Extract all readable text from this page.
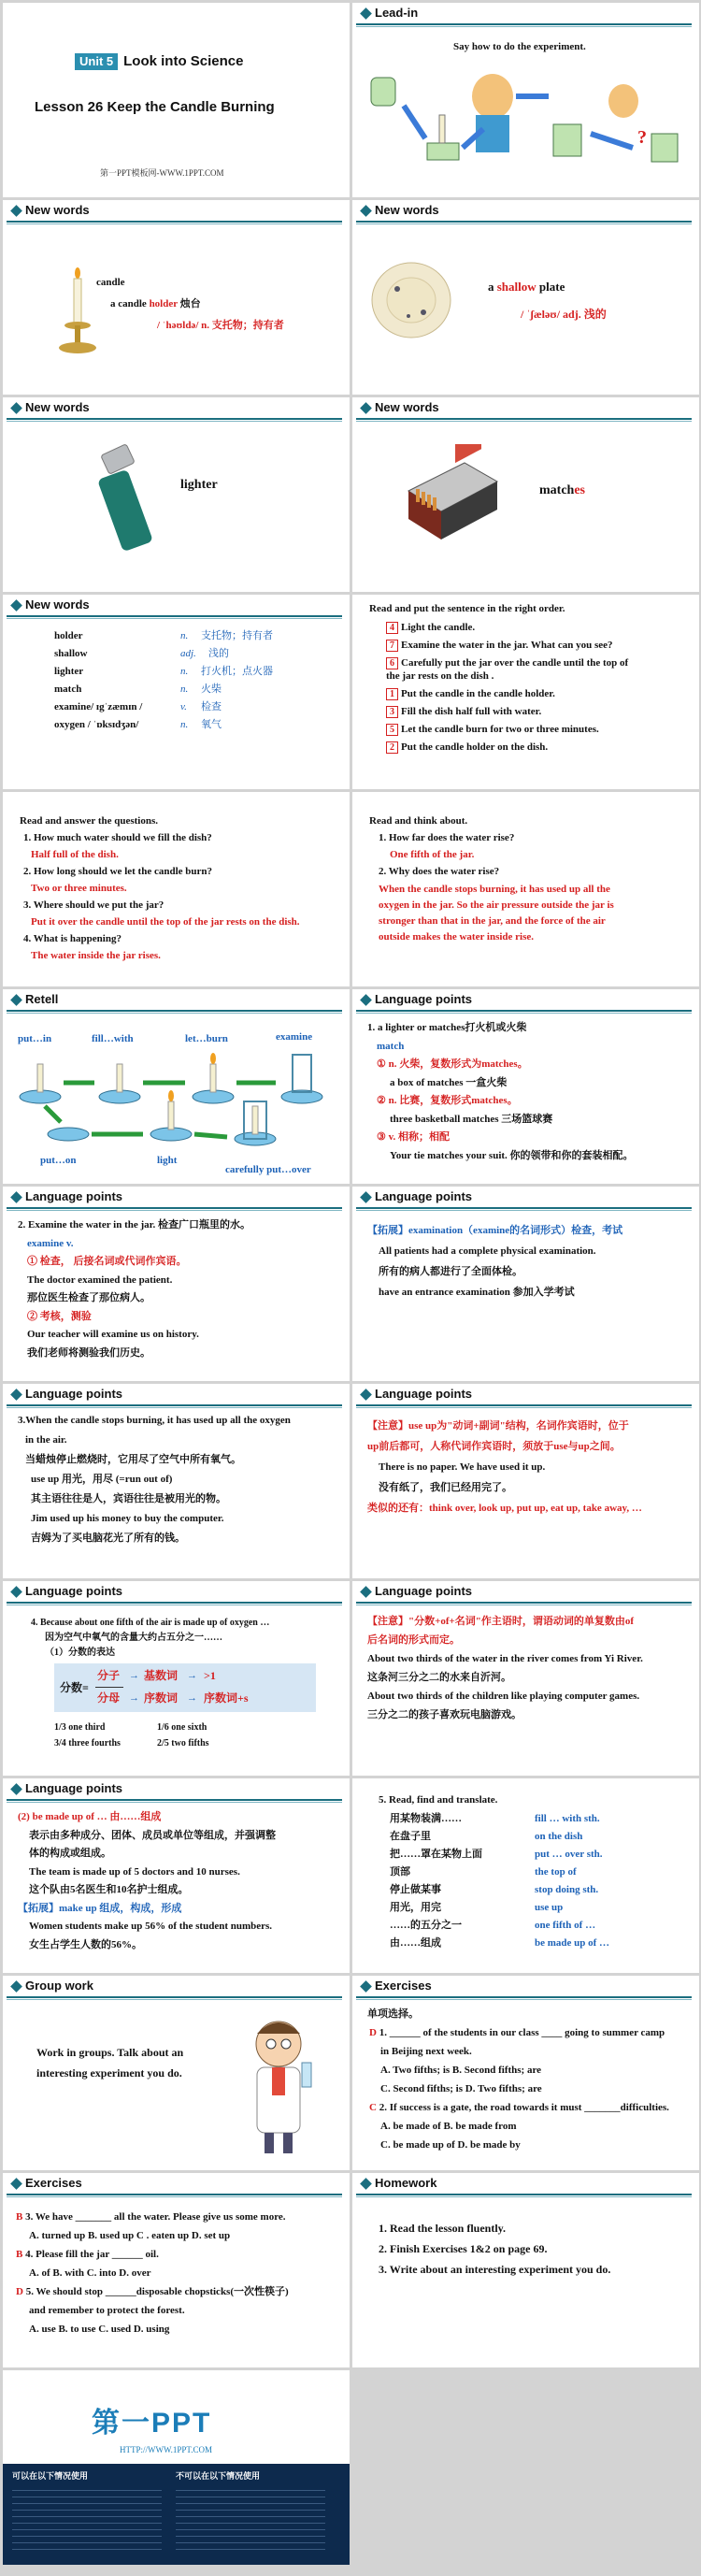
Unit 5 Look into Science
Lesson 26 Keep the Candle Burning
第一PPT模板网-WWW.1PPT.COM
Lead-in
Say how to do the experiment.
?
New words
candle
a candle holder 烛台
/ ˈhəʊldə/ n. 支托物；持有者
New words
a shallow plate
/ ˈʃæləʊ/ adj. 浅的
New words
lighter
New words
matches
New words
holder	n. 支托物；持有者
shallow	adj. 浅的
lighter	n. 打火机；点火器
match	n. 火柴
examine/ ɪgˈzæmɪn /	v. 检查
oxygen / ˈɒksɪdʒən/	n. 氧气
Read and put the sentence in the right order.
4 Light the candle.
7 Examine the water in the jar. What can you see?
6 Carefully put the jar over the candle until the top of
the jar rests on the dish .
1 Put the candle in the candle holder.
3 Fill the dish half full with water.
5 Let the candle burn for two or three minutes.
2 Put the candle holder on the dish.
Read and answer the questions.
1. How much water should we fill the dish?
Half full of the dish.
2. How long should we let the candle burn?
Two or three minutes.
3. Where should we put the jar?
Put it over the candle until the top of the jar rests on the dish.
4. What is happening?
The water inside the jar rises.
Read and think about.
1. How far does the water rise?
One fifth of the jar.
2. Why does the water rise?
When the candle stops burning, it has used up all the
oxygen in the jar. So the air pressure outside the jar is
stronger than that in the jar, and the force of the air
outside makes the water inside rise.
Retell
put…in	fill…with	let…burn	examine
put…on	light
carefully put…over
Language points
1. a lighter or matches打火机或火柴
match
① n. 火柴，复数形式为matches。
a box of matches 一盒火柴
② n. 比赛，复数形式matches。
three basketball matches 三场篮球赛
③ v. 相称；相配
Your tie matches your suit. 你的领带和你的套装相配。
Language points
2. Examine the water in the jar. 检查广口瓶里的水。
examine v.
① 检查， 后接名词或代词作宾语。
The doctor examined the patient.
那位医生检查了那位病人。
② 考核，测验
Our teacher will examine us on history.
我们老师将测验我们历史。
Language points
【拓展】examination（examine的名词形式）检查，考试
All patients had a complete physical examination.
所有的病人都进行了全面体检。
have an entrance examination 参加入学考试
Language points
3.When the candle stops burning, it has used up all the oxygen
in the air.
当蜡烛停止燃烧时，它用尽了空气中所有氧气。
use up 用光，用尽 (=run out of)
其主语往往是人，宾语往往是被用光的物。
Jim used up his money to buy the computer.
吉姆为了买电脑花光了所有的钱。
Language points
【注意】use up为"动词+副词"结构，名词作宾语时，位于
up前后都可，人称代词作宾语时，须放于use与up之间。
There is no paper. We have used it up.
没有纸了，我们已经用完了。
类似的还有：think over, look up, put up, eat up, take away, …
Language points
4. Because about one fifth of the air is made up of oxygen …
因为空气中氧气的含量大约占五分之一……
（1）分数的表达
分数=
分子
分母
→ 基数词 → >1
→ 序数词 → 序数词+s
1/3 one third	1/6 one sixth
3/4 three fourths	2/5 two fifths
Language points
【注意】"分数+of+名词"作主语时，谓语动词的单复数由of
后名词的形式而定。
About two thirds of the water in the river comes from Yi River.
这条河三分之二的水来自沂河。
About two thirds of the children like playing computer games.
三分之二的孩子喜欢玩电脑游戏。
Language points
(2) be made up of … 由……组成
表示由多种成分、团体、成员或单位等组成，并强调整
体的构成或组成。
The team is made up of 5 doctors and 10 nurses.
这个队由5名医生和10名护士组成。
【拓展】make up 组成，构成，形成
Women students make up 56% of the student numbers.
女生占学生人数的56%。
5. Read, find and translate.
用某物装满……	fill … with sth.
在盘子里	on the dish
把……罩在某物上面	put … over sth.
顶部	the top of
停止做某事	stop doing sth.
用光，用完	use up
……的五分之一	one fifth of …
由……组成	be made up of …
Group work
Work in groups. Talk about an
interesting experiment you do.
Exercises
单项选择。
D 1. ______ of the students in our class ____ going to summer camp
in Beijing next week.
A. Two fifths; is B. Second fifths; are
C. Second fifths; is D. Two fifths; are
C 2. If success is a gate, the road towards it must _______difficulties.
A. be made of B. be made from
C. be made up of D. be made by
Exercises
B 3. We have _______ all the water. Please give us some more.
A. turned up B. used up C . eaten up D. set up
B 4. Please fill the jar ______ oil.
A. of B. with C. into D. over
D 5. We should stop ______disposable chopsticks(一次性筷子)
and remember to protect the forest.
A. use B. to use C. used D. using
Homework
1. Read the lesson fluently.
2. Finish Exercises 1&2 on page 69.
3. Write about an interesting experiment you do.
第一PPT
HTTP://WWW.1PPT.COM
可以在以下情况使用	不可以在以下情况使用
